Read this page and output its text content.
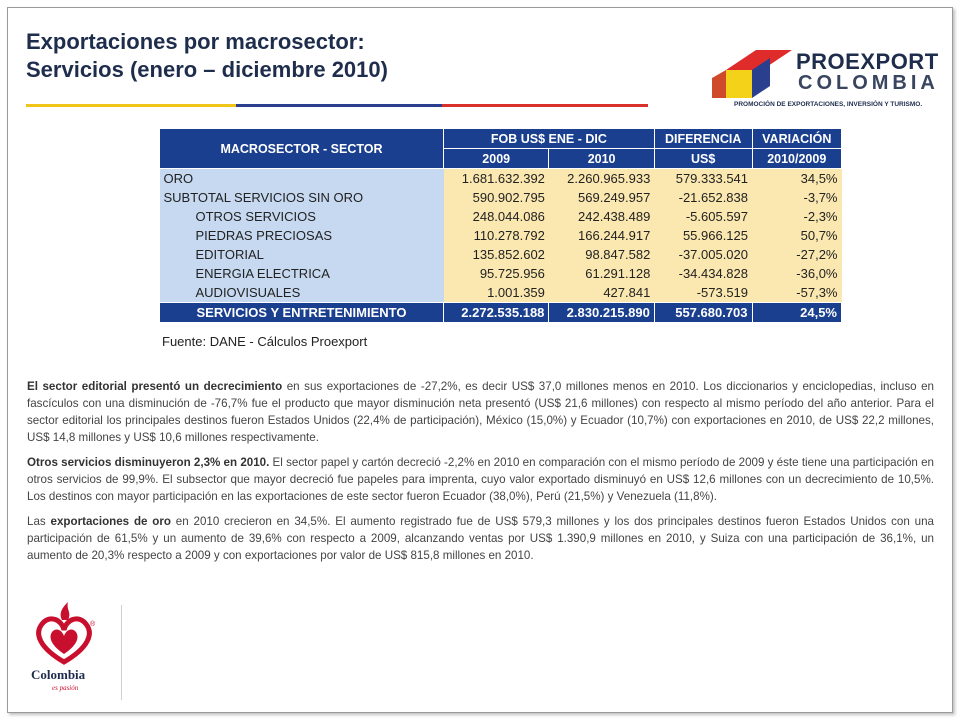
Exportaciones por macrosector:
Servicios (enero – diciembre 2010)	PROEXPORT
COLOMBIA
PROMOCIÓN DE EXPORTACIONES, INVERSIÓN Y TURISMO.
MACROSECTOR - SECTOR	FOB US$ ENE - DIC		DIFERENCIA	VARIACIÓN
	2009	2010	US$	2010/2009
ORO	1.681.632.392	2.260.965.933	579.333.541	34,5%
SUBTOTAL SERVICIOS SIN ORO	590.902.795	569.249.957	-21.652.838	-3,7%
OTROS SERVICIOS	248.044.086	242.438.489	-5.605.597	-2,3%
PIEDRAS PRECIOSAS	110.278.792	166.244.917	55.966.125	50,7%
EDITORIAL	135.852.602	98.847.582	-37.005.020	-27,2%
ENERGIA ELECTRICA	95.725.956	61.291.128	-34.434.828	-36,0%
AUDIOVISUALES	1.001.359	427.841	-573.519	-57,3%
SERVICIOS Y ENTRETENIMIENTO	2.272.535.188	2.830.215.890	557.680.703	24,5%
Fuente: DANE - Cálculos Proexport

El sector editorial presentó un decrecimiento en sus exportaciones de -27,2%, es decir US$ 37,0 millones menos en 2010. Los diccionarios y enciclopedias, incluso en fascículos con una disminución de -76,7% fue el producto que mayor disminución neta presentó (US$ 21,6 millones) con respecto al mismo período del año anterior. Para el sector editorial los principales destinos fueron Estados Unidos (22,4% de participación), México (15,0%) y Ecuador (10,7%) con exportaciones en 2010, de US$ 22,2 millones, US$ 14,8 millones y US$ 10,6 millones respectivamente.

Otros servicios disminuyeron 2,3% en 2010. El sector papel y cartón decreció -2,2% en 2010 en comparación con el mismo período de 2009 y éste tiene una participación en otros servicios de 99,9%. El subsector que mayor decreció fue papeles para imprenta, cuyo valor exportado disminuyó en US$ 12,6 millones con un decrecimiento de 10,5%. Los destinos con mayor participación en las exportaciones de este sector fueron Ecuador (38,0%), Perú (21,5%) y Venezuela (11,8%).

Las exportaciones de oro en 2010 crecieron en 34,5%. El aumento registrado fue de US$ 579,3 millones y los dos principales destinos fueron Estados Unidos con una participación de 61,5% y un aumento de 39,6% con respecto a 2009, alcanzando ventas por US$ 1.390,9 millones en 2010, y Suiza con una participación de 36,1%, un aumento de 20,3% respecto a 2009 y con exportaciones por valor de US$ 815,8 millones en 2010.

®
Colombia
es pasión
